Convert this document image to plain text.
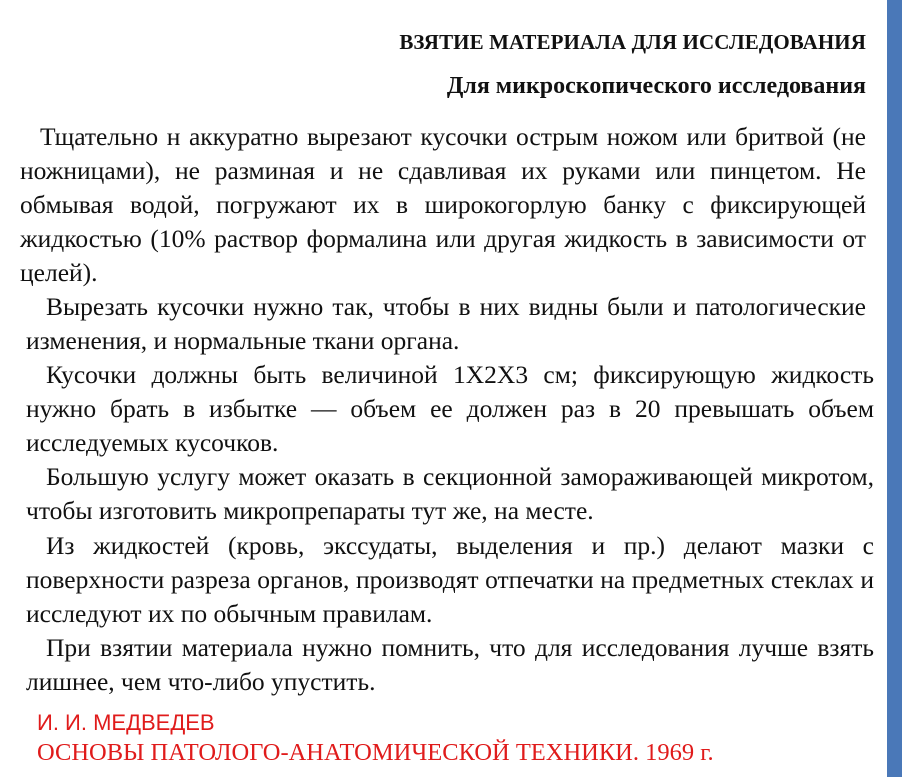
ВЗЯТИЕ МАТЕРИАЛА ДЛЯ ИССЛЕДОВАНИЯ
Для микроскопического исследования

Тщательно н аккуратно вырезают кусочки острым ножом или бритвой (не ножницами), не разминая и не сдавливая их руками или пинцетом. Не обмывая водой, погружают их в широкогорлую банку с фиксирующей жидкостью (10% раствор формалина или другая жидкость в зависимости от целей).

Вырезать кусочки нужно так, чтобы в них видны были и патологические изменения, и нормальные ткани органа.

Кусочки должны быть величиной 1Х2Х3 см; фиксирующую жидкость нужно брать в избытке — объем ее должен раз в 20 превышать объем исследуемых кусочков.

Большую услугу может оказать в секционной замораживающей микротом, чтобы изготовить микропрепараты тут же, на месте.

Из жидкостей (кровь, экссудаты, выделения и пр.) делают мазки с поверхности разреза органов, производят отпечатки на предметных стеклах и исследуют их по обычным правилам.

При взятии материала нужно помнить, что для исследования лучше взять лишнее, чем что-либо упустить.

И. И. МЕДВЕДЕВ
ОСНОВЫ ПАТОЛОГО-АНАТОМИЧЕСКОЙ ТЕХНИКИ. 1969 г.
